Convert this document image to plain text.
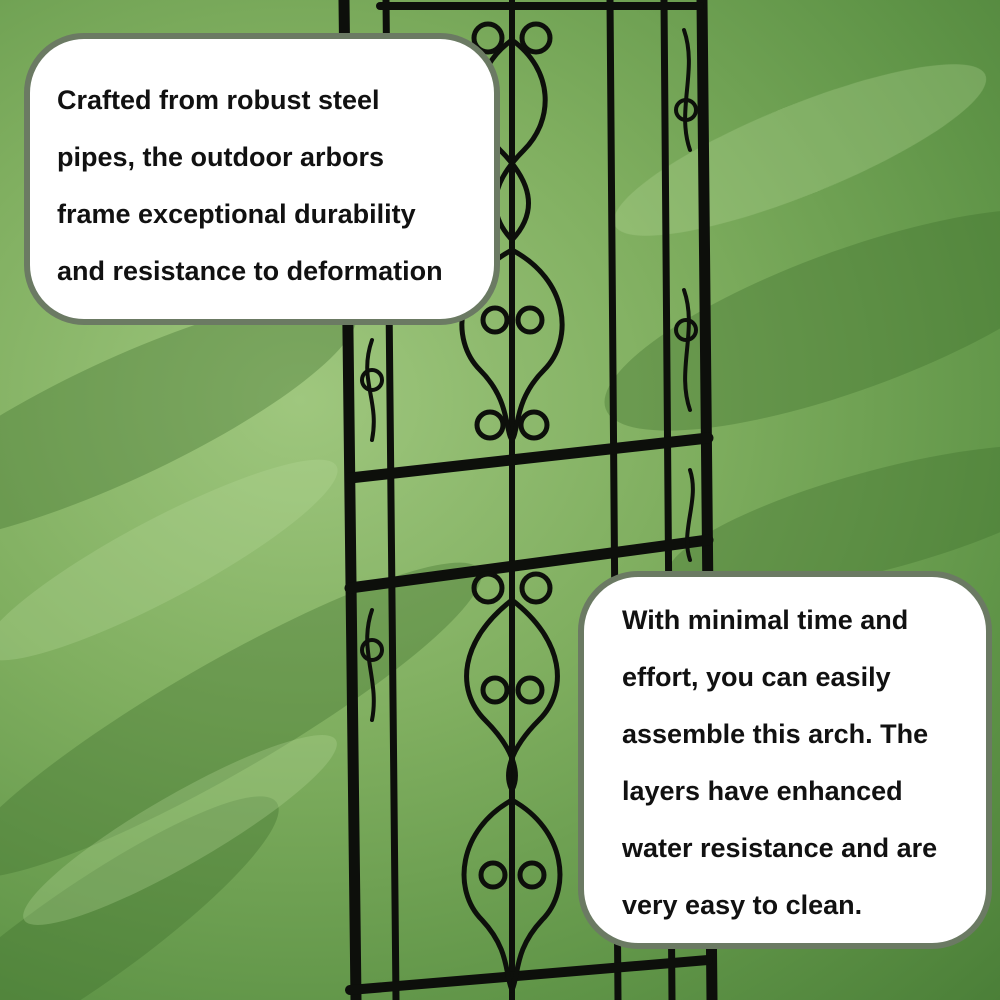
Crafted from robust steel

pipes, the outdoor arbors

frame exceptional durability

and resistance to deformation

With minimal time and

effort, you can easily

assemble this arch. The

layers have enhanced

water resistance and are

very easy to clean.
